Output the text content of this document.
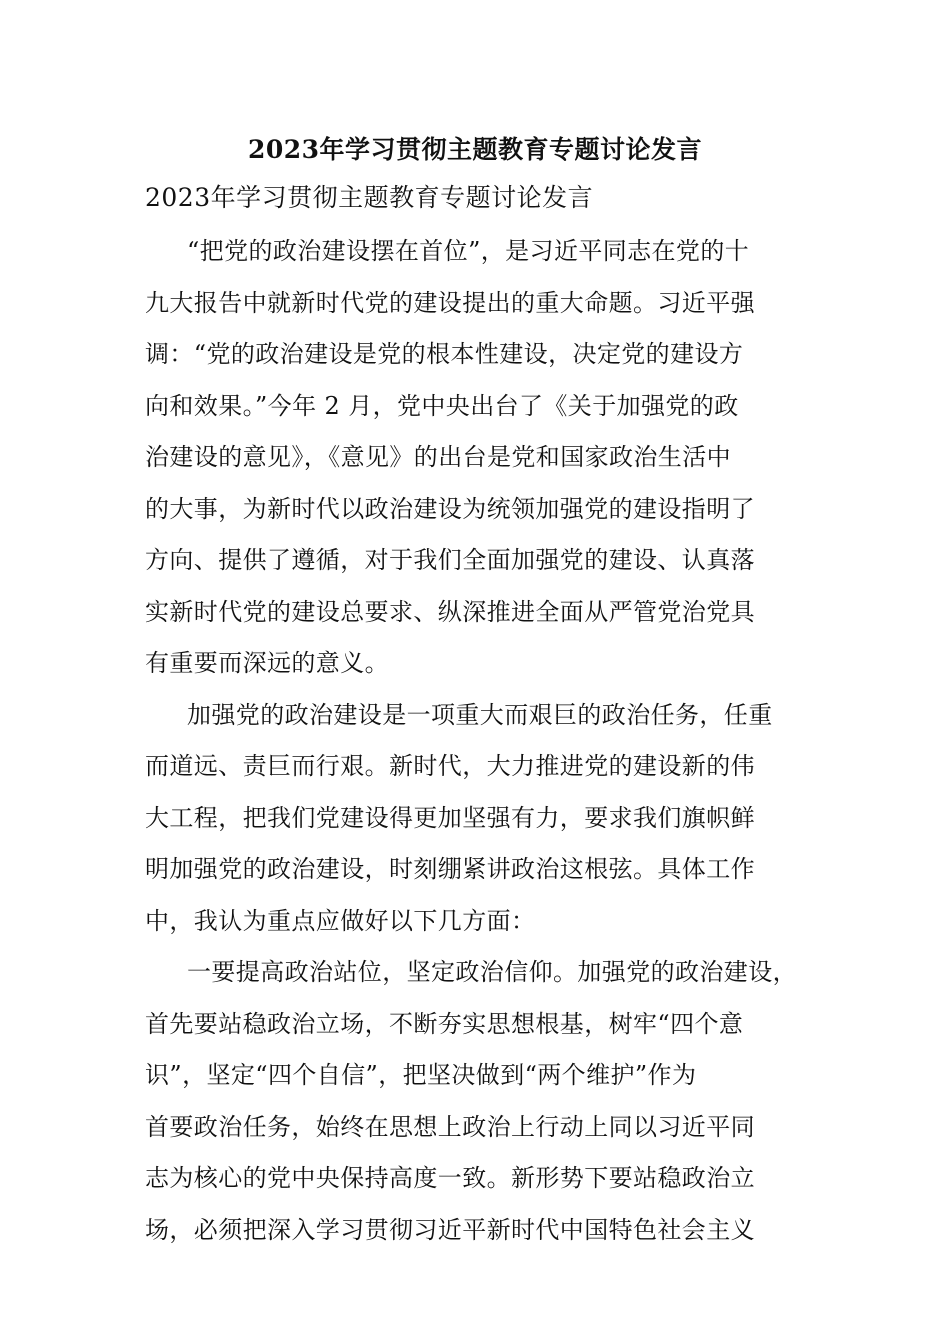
2023年学习贯彻主题教育专题讨论发言
2023年学习贯彻主题教育专题讨论发言

“把党的政治建设摆在首位”，是习近平同志在党的十
九大报告中就新时代党的建设提出的重大命题。习近平强
调：“党的政治建设是党的根本性建设，决定党的建设方
向和效果。”今年 2 月，党中央出台了《关于加强党的政
治建设的意见》，《意见》的出台是党和国家政治生活中
的大事，为新时代以政治建设为统领加强党的建设指明了
方向、提供了遵循，对于我们全面加强党的建设、认真落
实新时代党的建设总要求、纵深推进全面从严管党治党具
有重要而深远的意义。

加强党的政治建设是一项重大而艰巨的政治任务，任重
而道远、责巨而行艰。新时代，大力推进党的建设新的伟
大工程，把我们党建设得更加坚强有力，要求我们旗帜鲜
明加强党的政治建设，时刻绷紧讲政治这根弦。具体工作
中，我认为重点应做好以下几方面：

一要提高政治站位，坚定政治信仰。加强党的政治建设，
首先要站稳政治立场，不断夯实思想根基，树牢“四个意
识”，坚定“四个自信”，把坚决做到“两个维护”作为
首要政治任务，始终在思想上政治上行动上同以习近平同
志为核心的党中央保持高度一致。新形势下要站稳政治立
场，必须把深入学习贯彻习近平新时代中国特色社会主义
